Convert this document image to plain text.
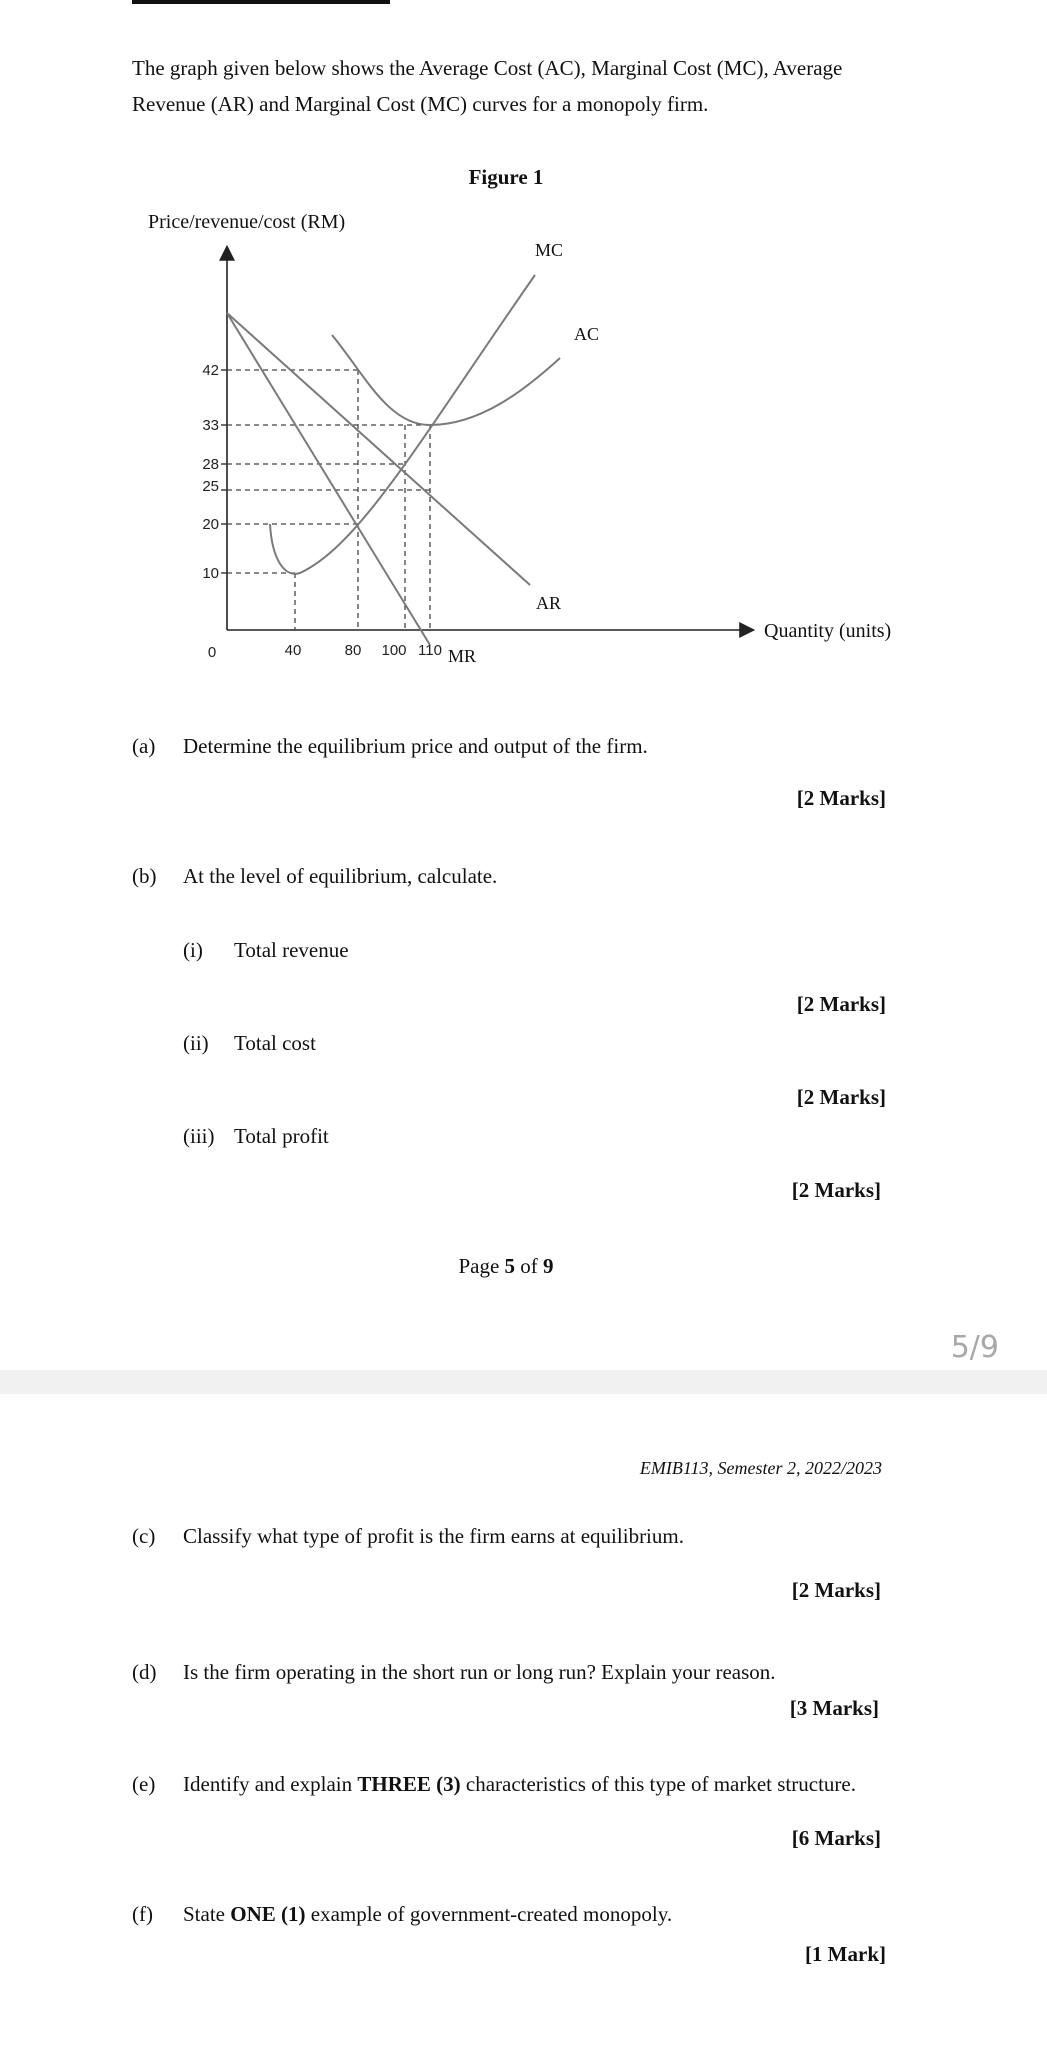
The graph given below shows the Average Cost (AC), Marginal Cost (MC), Average

Revenue (AR) and Marginal Cost (MC) curves for a monopoly firm.

Figure 1
Price/revenue/cost (RM)
Quantity (units)
42
33
28
25
20
10
0	40	80 100 110
MC
AC
AR
MR

(a) Determine the equilibrium price and output of the firm.

[2 Marks]

(b) At the level of equilibrium, calculate.

(i) Total revenue

[2 Marks]

(ii) Total cost

[2 Marks]

(iii) Total profit

[2 Marks]
Page 5 of 9
5/9
EMIB113, Semester 2, 2022/2023

(c) Classify what type of profit is the firm earns at equilibrium.

[2 Marks]

(d) Is the firm operating in the short run or long run? Explain your reason.

[3 Marks]

(e) Identify and explain THREE (3) characteristics of this type of market structure.

[6 Marks]

(f) State ONE (1) example of government-created monopoly.

[1 Mark]
